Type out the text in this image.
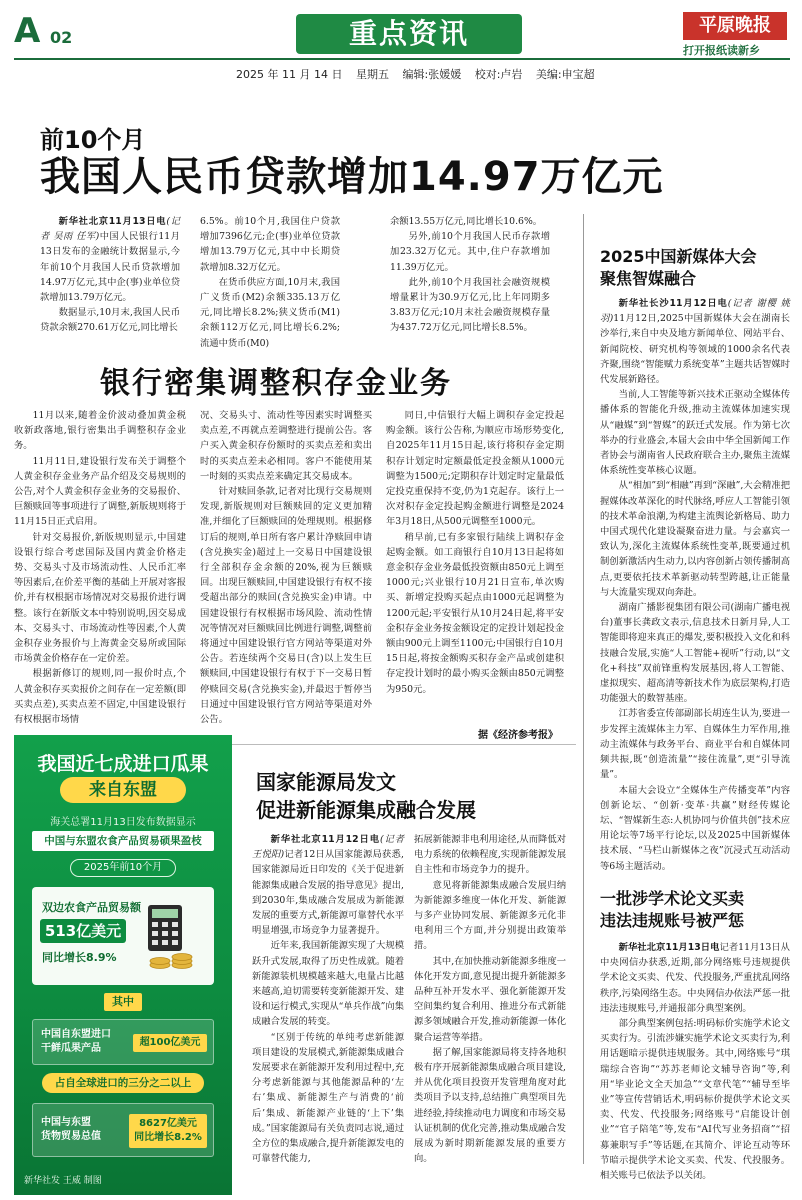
A 02	重点资讯	平原晚报
打开报纸读新乡
2025 年 11 月 14 日 星期五 编辑:张媛媛 校对:卢岩 美编:申宝超
前10个月
我国人民币贷款增加14.97万亿元

新华社北京11月13日电(记者 吴雨 任军)中国人民银行11月13日发布的金融统计数据显示,今年前10个月我国人民币贷款增加14.97万亿元,其中企(事)业单位贷款增加13.79万亿元。

数据显示,10月末,我国人民币贷款余额270.61万亿元,同比增长

6.5%。前10个月,我国住户贷款增加7396亿元;企(事)业单位贷款增加13.79万亿元,其中中长期贷款增加8.32万亿元。

在货币供应方面,10月末,我国广义货币(M2)余额335.13万亿元,同比增长8.2%;狭义货币(M1)余额112万亿元,同比增长6.2%;流通中货币(M0)

余额13.55万亿元,同比增长10.6%。

另外,前10个月我国人民币存款增加23.32万亿元。其中,住户存款增加11.39万亿元。

此外,前10个月我国社会融资规模增量累计为30.9万亿元,比上年同期多3.83万亿元;10月末社会融资规模存量为437.72万亿元,同比增长8.5%。

银行密集调整积存金业务

11月以来,随着金价波动叠加黄金税收新政落地,银行密集出手调整积存金业务。

11月11日,建设银行发布关于调整个人黄金积存金业务产品介绍及交易规则的公告,对个人黄金积存金业务的交易报价、巨额赎回等事项进行了调整,新版规则将于11月15日正式启用。

针对交易报价,新版规则显示,中国建设银行综合考虑国际及国内黄金价格走势、交易头寸及市场流动性、人民币汇率等因素后,在价差平衡的基础上开展对客报价,并有权根据市场情况对交易报价进行调整。该行在新版文本中特别说明,因交易成本、交易头寸、市场流动性等因素,个人黄金积存业务报价与上海黄金交易所或国际市场黄金价格存在一定价差。

根据新修订的规则,同一报价时点,个人黄金积存买卖报价之间存在一定差额(即买卖点差),买卖点差不固定,中国建设银行有权根据市场情

况、交易头寸、流动性等因素实时调整买卖点差,不再就点差调整进行提前公告。客户买入黄金积存份额时的买卖点差和卖出时的买卖点差未必相同。客户不能使用某一时刻的买卖点差来确定其交易成本。

针对赎回条款,记者对比现行交易规则发现,新版规则对巨额赎回的定义更加精准,并细化了巨额赎回的处理规则。根据修订后的规则,单日所有客户累计净赎回申请(含兑换实金)超过上一交易日中国建设银行全部积存金余额的20%,视为巨额赎回。出现巨额赎回,中国建设银行有权不接受超出部分的赎回(含兑换实金)申请。中国建设银行有权根据市场风险、流动性情况等情况对巨额赎回比例进行调整,调整前将通过中国建设银行官方网站等渠道对外公告。若连续两个交易日(含)以上发生巨额赎回,中国建设银行有权于下一交易日暂停赎回交易(含兑换实金),并最迟于暂停当日通过中国建设银行官方网站等渠道对外公告。

同日,中信银行大幅上调积存金定投起购金额。该行公告称,为顺应市场形势变化,自2025年11月15日起,该行将积存金定期积存计划定时定额最低定投金额从1000元调整为1500元;定期积存计划定时定量最低定投克重保持不变,仍为1克起存。该行上一次对积存金定投起购金额进行调整是2024年3月18日,从500元调整至1000元。

稍早前,已有多家银行陆续上调积存金起购金额。如工商银行自10月13日起将如意金积存金业务最低投资额由850元上调至1000元;兴业银行10月21日宣布,单次购买、新增定投购买起点由1000元起调整为1200元起;平安银行从10月24日起,将平安金积存金业务按金额设定的定投计划起投金额由900元上调至1100元;中国银行自10月15日起,将按金额购买积存金产品或创建积存定投计划时的最小购买金额由850元调整为950元。

据《经济参考报》
2025中国新媒体大会
聚焦智媒融合

新华社长沙11月12日电(记者 谢樱 姚羽)11月12日,2025中国新媒体大会在湖南长沙举行,来自中央及地方新闻单位、网站平台、新闻院校、研究机构等领域的1000余名代表齐聚,围绕“智能赋力系统变革”主题共话智媒时代发展新路径。

当前,人工智能等新兴技术正驱动全媒体传播体系的智能化升级,推动主流媒体加速实现从“融媒”到“智媒”的跃迁式发展。作为第七次举办的行业盛会,本届大会由中华全国新闻工作者协会与湖南省人民政府联合主办,聚焦主流媒体系统性变革核心议题。

从“相加”到“相融”再到“深融”,大会精准把握媒体改革深化的时代脉络,呼应人工智能引领的技术革命浪潮,为构建主流舆论新格局、助力中国式现代化建设凝聚奋进力量。与会嘉宾一致认为,深化主流媒体系统性变革,既要通过机制创新激活内生动力,以内容创新占领传播制高点,更要依托技术革新驱动转型跨越,让正能量与大流量实现双向奔赴。

湖南广播影视集团有限公司(湖南广播电视台)董事长龚政文表示,信息技术日新月异,人工智能即将迎来真正的爆发,要积极投入文化和科技融合发展,实施“人工智能+视听”行动,以“文化+科技”双前锋重构发展基因,将人工智能、虚拟现实、超高清等新技术作为底层架构,打造功能强大的数智基座。

江苏省委宣传部副部长胡连生认为,要进一步发挥主流媒体主力军、自媒体生力军作用,推动主流媒体与政务平台、商业平台和自媒体同频共振,既“创造流量”“接住流量”,更“引导流量”。

本届大会设立“全媒体生产传播变革”内容创新论坛、“创新·变革·共赢”财经传媒论坛、“智媒新生态:人机协同与价值共创”技术应用论坛等7场平行论坛,以及2025中国新媒体技术展、“马栏山新媒体之夜”沉浸式互动活动等6场主题活动。

一批涉学术论文买卖
违法违规账号被严惩

新华社北京11月13日电记者11月13日从中央网信办获悉,近期,部分网络账号违规提供学术论文买卖、代发、代投服务,严重扰乱网络秩序,污染网络生态。中央网信办依法严惩一批违法违规账号,并通报部分典型案例。

部分典型案例包括:明码标价实施学术论文买卖行为。引流涉嫌实施学术论文买卖行为,利用话题暗示提供违规服务。其中,网络账号“琪瑞综合咨询”“苏苏老师论文辅导咨询”等,利用“毕业论文全天加急”“文章代笔”“辅导至毕业”等宣传营销话术,明码标价提供学术论文买卖、代发、代投服务;网络账号“启能设计创业”“官子陪笔”等,发布“AI代写业务招商”“招募兼职写手”等话题,在其简介、评论互动等环节暗示提供学术论文买卖、代发、代投服务。相关账号已依法予以关闭。

国家能源局发文
促进新能源集成融合发展

新华社北京11月12日电(记者 王悦阳)记者12日从国家能源局获悉,国家能源局近日印发的《关于促进新能源集成融合发展的指导意见》提出,到2030年,集成融合发展成为新能源发展的重要方式,新能源可靠替代水平明显增强,市场竞争力显著提升。

近年来,我国新能源实现了大规模跃升式发展,取得了历史性成就。随着新能源装机规模越来越大,电量占比越来越高,迫切需要转变新能源开发、建设和运行模式,实现从“单兵作战”向集成融合发展的转变。

“区别于传统的单纯考虑新能源项目建设的发展模式,新能源集成融合发展要求在新能源开发利用过程中,充分考虑新能源与其他能源品种的‘左右’集成、新能源生产与消费的‘前后’集成、新能源产业链的‘上下’集成。”国家能源局有关负责同志说,通过全方位的集成融合,提升新能源发电的可靠替代能力,

拓展新能源非电利用途径,从而降低对电力系统的依赖程度,实现新能源发展自主性和市场竞争力的提升。

意见将新能源集成融合发展归纳为新能源多维度一体化开发、新能源与多产业协同发展、新能源多元化非电利用三个方面,并分别提出政策举措。

其中,在加快推动新能源多维度一体化开发方面,意见提出提升新能源多品种互补开发水平、强化新能源开发空间集约复合利用、推进分布式新能源多领域融合开发,推动新能源一体化聚合运营等举措。

据了解,国家能源局将支持各地积极有序开展新能源集成融合项目建设,并从优化项目投资开发管理角度对此类项目予以支持,总结推广典型项目先进经验,持续推动电力调度和市场交易认证机制的优化完善,推动集成融合发展成为新时期新能源发展的重要方向。

我国近七成进口瓜果
来自东盟
海关总署11月13日发布数据显示
中国与东盟农食产品贸易硕果盈枝
2025年前10个月
双边农食产品贸易额
513亿美元
同比增长8.9%
其中
中国自东盟进口
干鲜瓜果产品
超100亿美元
占自全球进口的三分之二以上
中国与东盟
货物贸易总值
8627亿美元
同比增长8.2%
新华社发 王威 制图
